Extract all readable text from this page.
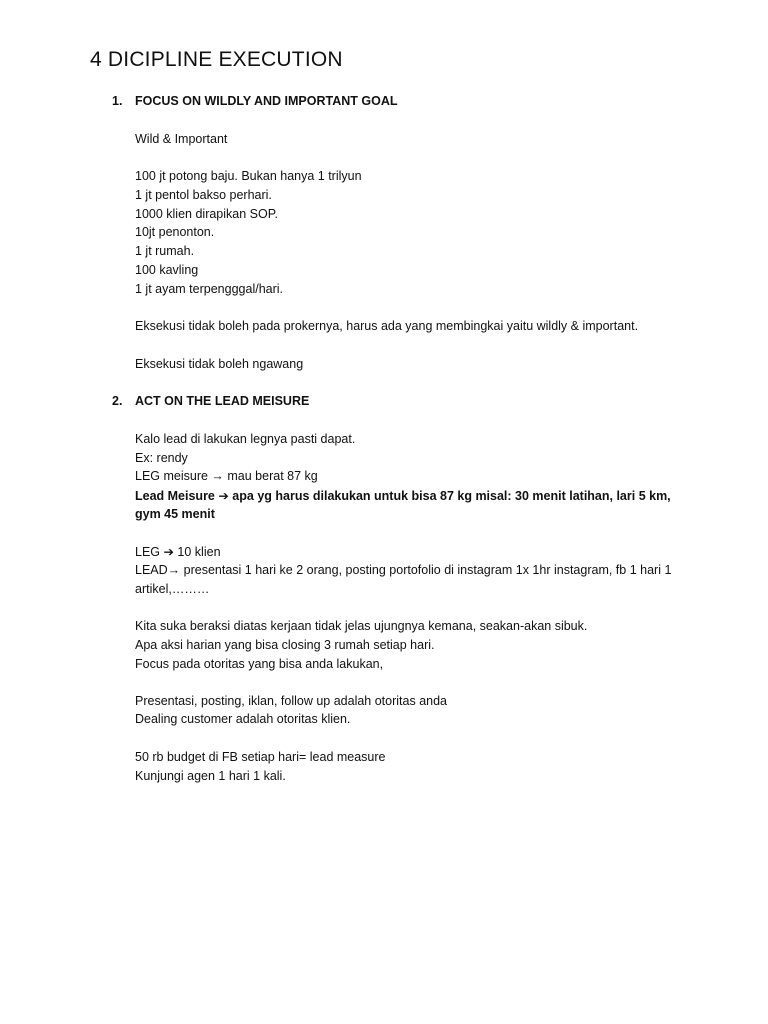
4 DICIPLINE EXECUTION
1. FOCUS ON WILDLY AND IMPORTANT GOAL
Wild & Important
100 jt potong baju. Bukan hanya 1 trilyun
1 jt pentol bakso perhari.
1000 klien dirapikan SOP.
10jt penonton.
1 jt rumah.
100 kavling
1 jt ayam terpengggal/hari.
Eksekusi tidak boleh pada prokernya, harus ada yang membingkai yaitu wildly & important.
Eksekusi tidak boleh ngawang
2. ACT ON THE LEAD MEISURE
Kalo lead di lakukan legnya pasti dapat.
Ex: rendy
LEG meisure → mau berat 87 kg
Lead Meisure ➔ apa yg harus dilakukan untuk bisa 87 kg misal: 30 menit latihan, lari 5 km,
gym 45 menit
LEG ➔ 10 klien
LEAD→ presentasi 1 hari ke 2 orang, posting portofolio di instagram 1x 1hr instagram, fb 1 hari 1
artikel,………
Kita suka beraksi diatas kerjaan tidak jelas ujungnya kemana, seakan-akan sibuk.
Apa aksi harian yang bisa closing 3 rumah setiap hari.
Focus pada otoritas yang bisa anda lakukan,
Presentasi, posting, iklan, follow up adalah otoritas anda
Dealing customer adalah otoritas klien.
50 rb budget di FB setiap hari= lead measure
Kunjungi agen 1 hari 1 kali.
